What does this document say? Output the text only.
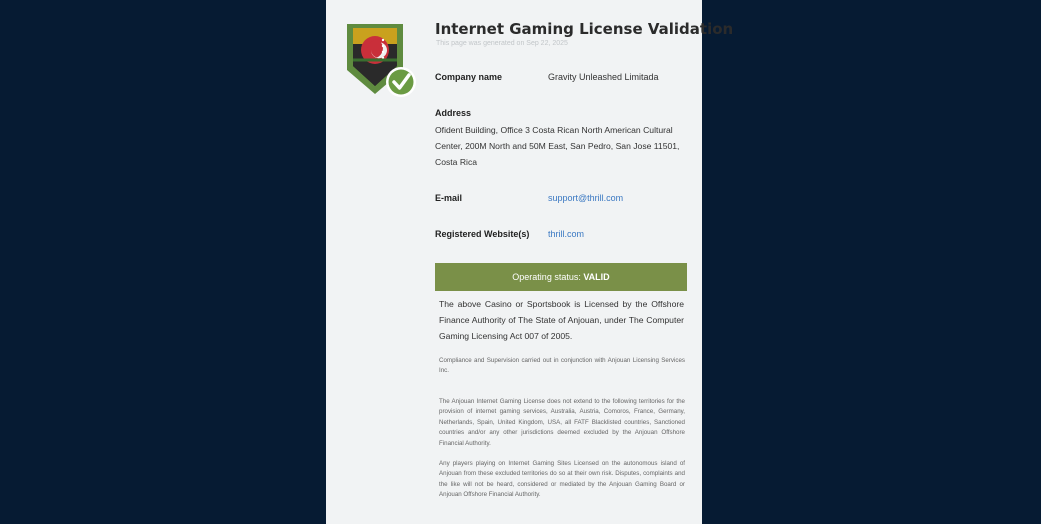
Internet Gaming License Validation
This page was generated on Sep 22, 2025
Company name	Gravity Unleashed Limitada
Address
Ofident Building, Office 3 Costa Rican North American Cultural Center, 200M North and 50M East, San Pedro, San Jose 11501, Costa Rica
E-mail	support@thrill.com
Registered Website(s) thrill.com
Operating status: VALID
The above Casino or Sportsbook is Licensed by the Offshore Finance Authority of The State of Anjouan, under The Computer Gaming Licensing Act 007 of 2005.
Compliance and Supervision carried out in conjunction with Anjouan Licensing Services Inc.
The Anjouan Internet Gaming License does not extend to the following territories for the provision of internet gaming services, Australia, Austria, Comoros, France, Germany, Netherlands, Spain, United Kingdom, USA, all FATF Blacklisted countries, Sanctioned countries and/or any other jurisdictions deemed excluded by the Anjouan Offshore Financial Authority.
Any players playing on Internet Gaming Sites Licensed on the autonomous island of Anjouan from these excluded territories do so at their own risk. Disputes, complaints and the like will not be heard, considered or mediated by the Anjouan Gaming Board or Anjouan Offshore Financial Authority.
